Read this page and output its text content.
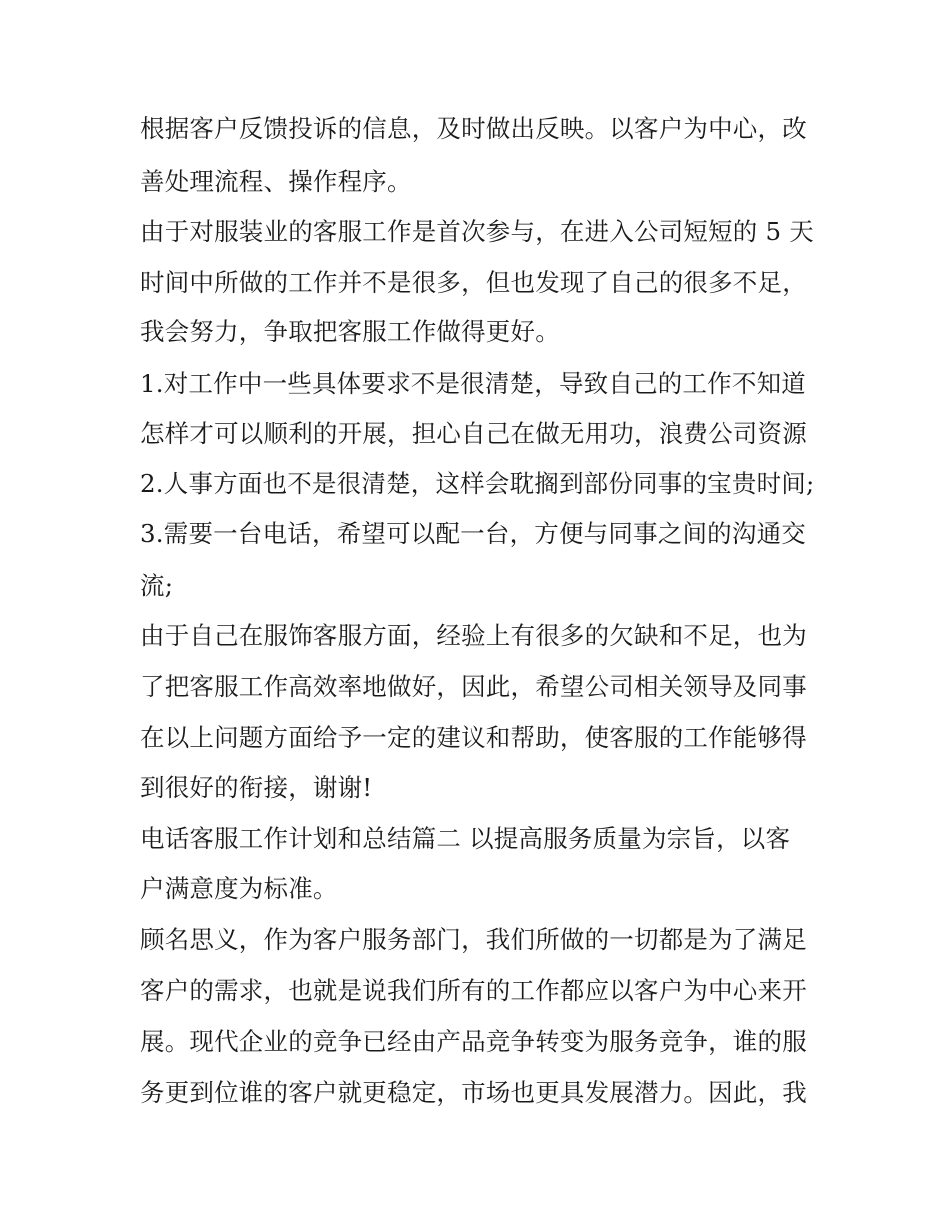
根据客户反馈投诉的信息，及时做出反映。以客户为中心，改
善处理流程、操作程序。
由于对服装业的客服工作是首次参与，在进入公司短短的 5 天
时间中所做的工作并不是很多，但也发现了自己的很多不足，
我会努力，争取把客服工作做得更好。
1.对工作中一些具体要求不是很清楚，导致自己的工作不知道
怎样才可以顺利的开展，担心自己在做无用功，浪费公司资源
2.人事方面也不是很清楚，这样会耽搁到部份同事的宝贵时间;
3.需要一台电话，希望可以配一台，方便与同事之间的沟通交
流;
由于自己在服饰客服方面，经验上有很多的欠缺和不足，也为
了把客服工作高效率地做好，因此，希望公司相关领导及同事
在以上问题方面给予一定的建议和帮助，使客服的工作能够得
到很好的衔接，谢谢!
电话客服工作计划和总结篇二 以提高服务质量为宗旨，以客
户满意度为标准。
顾名思义，作为客户服务部门，我们所做的一切都是为了满足
客户的需求，也就是说我们所有的工作都应以客户为中心来开
展。现代企业的竞争已经由产品竞争转变为服务竞争，谁的服
务更到位谁的客户就更稳定，市场也更具发展潜力。因此，我
